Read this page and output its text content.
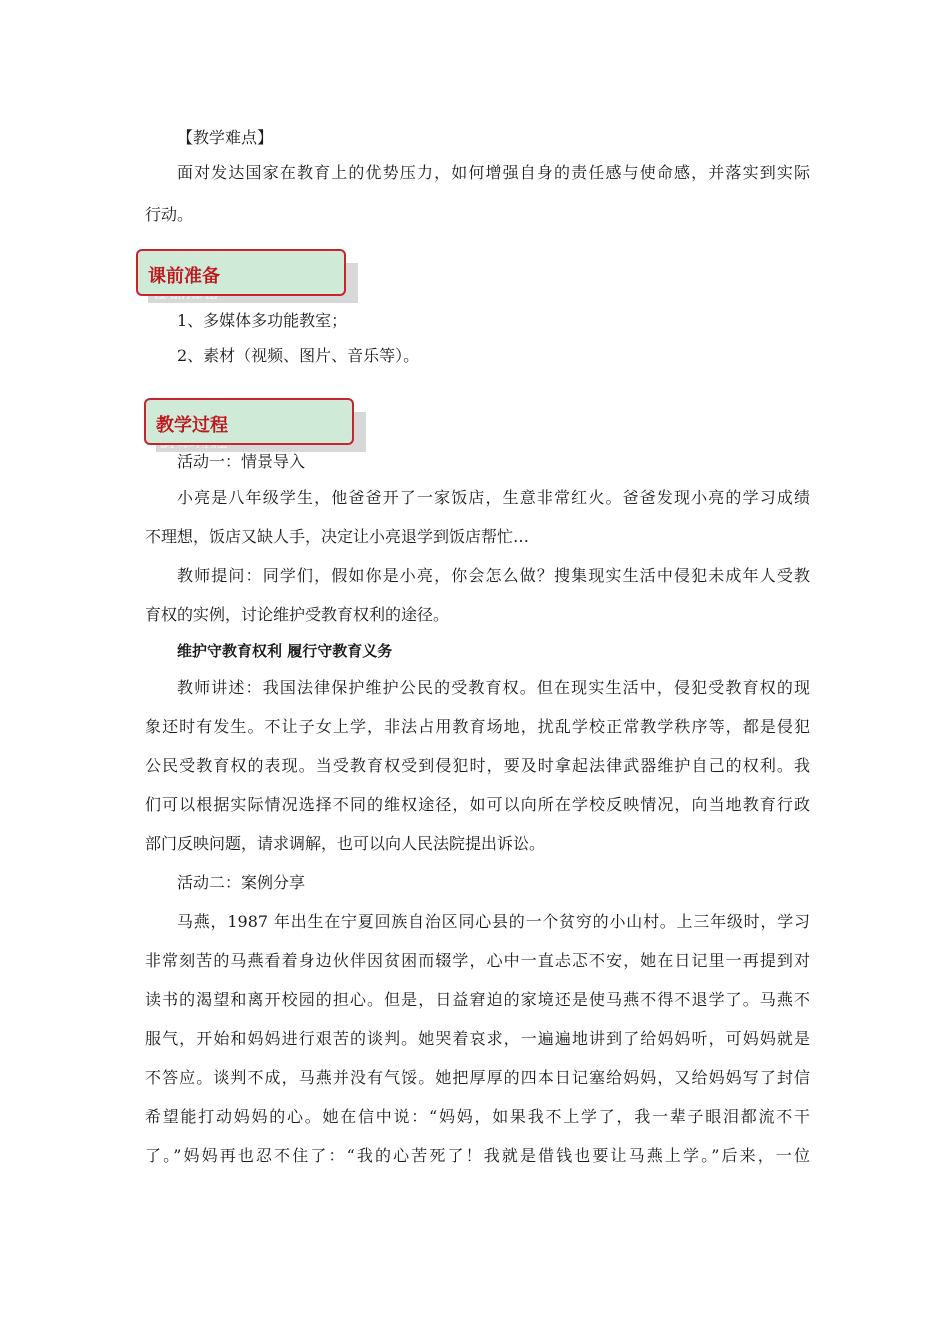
【教学难点】
面对发达国家在教育上的优势压力，如何增强自身的责任感与使命感，并落实到实际
行动。
课前准备
1、多媒体多功能教室；
2、素材（视频、图片、音乐等）。
教学过程
活动一：情景导入
小亮是八年级学生，他爸爸开了一家饭店，生意非常红火。爸爸发现小亮的学习成绩
不理想，饭店又缺人手，决定让小亮退学到饭店帮忙…
教师提问：同学们，假如你是小亮，你会怎么做？搜集现实生活中侵犯未成年人受教
育权的实例，讨论维护受教育权利的途径。
维护守教育权利 履行守教育义务
教师讲述：我国法律保护维护公民的受教育权。但在现实生活中，侵犯受教育权的现
象还时有发生。不让子女上学，非法占用教育场地，扰乱学校正常教学秩序等，都是侵犯
公民受教育权的表现。当受教育权受到侵犯时，要及时拿起法律武器维护自己的权利。我
们可以根据实际情况选择不同的维权途径，如可以向所在学校反映情况，向当地教育行政
部门反映问题，请求调解，也可以向人民法院提出诉讼。
活动二：案例分享
马燕，1987 年出生在宁夏回族自治区同心县的一个贫穷的小山村。上三年级时，学习
非常刻苦的马燕看着身边伙伴因贫困而辍学，心中一直忐忑不安，她在日记里一再提到对
读书的渴望和离开校园的担心。但是，日益窘迫的家境还是使马燕不得不退学了。马燕不
服气，开始和妈妈进行艰苦的谈判。她哭着哀求，一遍遍地讲到了给妈妈听，可妈妈就是
不答应。谈判不成，马燕并没有气馁。她把厚厚的四本日记塞给妈妈，又给妈妈写了封信
希望能打动妈妈的心。她在信中说：“妈妈，如果我不上学了，我一辈子眼泪都流不干
了。”妈妈再也忍不住了：“我的心苦死了！我就是借钱也要让马燕上学。”后来，一位
